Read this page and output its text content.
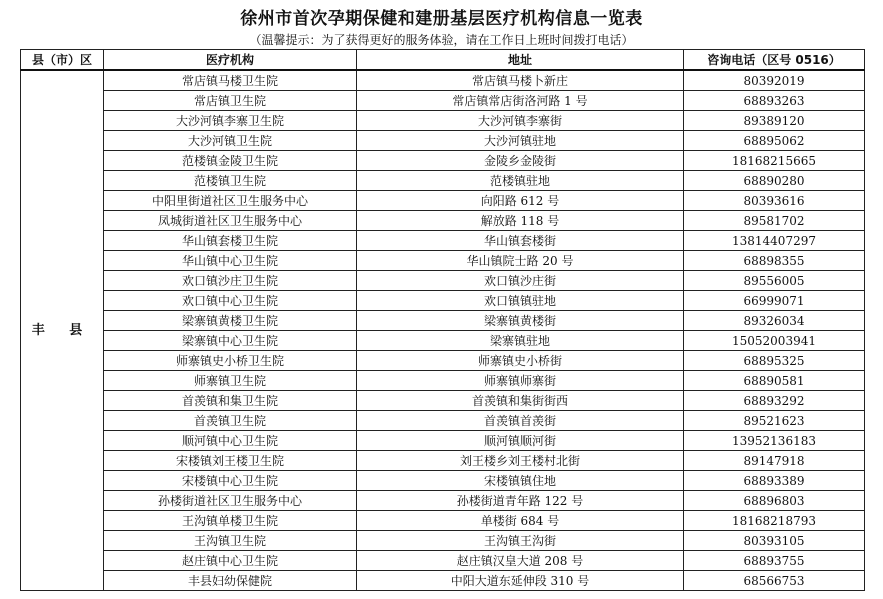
徐州市首次孕期保健和建册基层医疗机构信息一览表
（温馨提示：为了获得更好的服务体验，请在工作日上班时间拨打电话）
县（市）区	医疗机构	地址	咨询电话（区号 0516）
丰 县	常店镇马楼卫生院	常店镇马楼卜新庄	80392019
	常店镇卫生院	常店镇常店街洛河路 1 号	68893263
	大沙河镇李寨卫生院	大沙河镇李寨街	89389120
	大沙河镇卫生院	大沙河镇驻地	68895062
	范楼镇金陵卫生院	金陵乡金陵街	18168215665
	范楼镇卫生院	范楼镇驻地	68890280
	中阳里街道社区卫生服务中心	向阳路 612 号	80393616
	凤城街道社区卫生服务中心	解放路 118 号	89581702
	华山镇套楼卫生院	华山镇套楼街	13814407297
	华山镇中心卫生院	华山镇院士路 20 号	68898355
	欢口镇沙庄卫生院	欢口镇沙庄街	89556005
	欢口镇中心卫生院	欢口镇镇驻地	66999071
	梁寨镇黄楼卫生院	梁寨镇黄楼街	89326034
	梁寨镇中心卫生院	梁寨镇驻地	15052003941
	师寨镇史小桥卫生院	师寨镇史小桥街	68895325
	师寨镇卫生院	师寨镇师寨街	68890581
	首羡镇和集卫生院	首羡镇和集街街西	68893292
	首羡镇卫生院	首羡镇首羡街	89521623
	顺河镇中心卫生院	顺河镇顺河街	13952136183
	宋楼镇刘王楼卫生院	刘王楼乡刘王楼村北街	89147918
	宋楼镇中心卫生院	宋楼镇镇住地	68893389
	孙楼街道社区卫生服务中心	孙楼街道青年路 122 号	68896803
	王沟镇单楼卫生院	单楼街 684 号	18168218793
	王沟镇卫生院	王沟镇王沟街	80393105
	赵庄镇中心卫生院	赵庄镇汉皇大道 208 号	68893755
	丰县妇幼保健院	中阳大道东延伸段 310 号	68566753
